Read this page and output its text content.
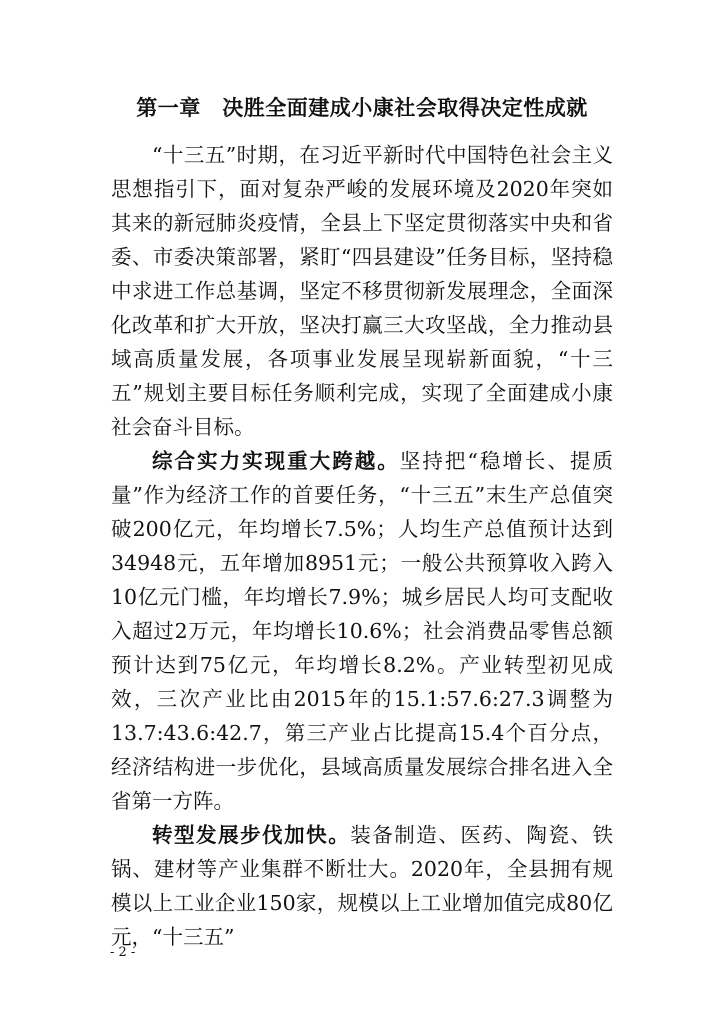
第一章　决胜全面建成小康社会取得决定性成就

“十三五”时期，在习近平新时代中国特色社会主义思想指引下，面对复杂严峻的发展环境及2020年突如其来的新冠肺炎疫情，全县上下坚定贯彻落实中央和省委、市委决策部署，紧盯“四县建设”任务目标，坚持稳中求进工作总基调，坚定不移贯彻新发展理念，全面深化改革和扩大开放，坚决打赢三大攻坚战，全力推动县域高质量发展，各项事业发展呈现崭新面貌，“十三五”规划主要目标任务顺利完成，实现了全面建成小康社会奋斗目标。

综合实力实现重大跨越。坚持把“稳增长、提质量”作为经济工作的首要任务，“十三五”末生产总值突破200亿元，年均增长7.5%；人均生产总值预计达到34948元，五年增加8951元；一般公共预算收入跨入10亿元门槛，年均增长7.9%；城乡居民人均可支配收入超过2万元，年均增长10.6%；社会消费品零售总额预计达到75亿元，年均增长8.2%。产业转型初见成效，三次产业比由2015年的15.1:57.6:27.3调整为13.7:43.6:42.7，第三产业占比提高15.4个百分点，经济结构进一步优化，县域高质量发展综合排名进入全省第一方阵。

转型发展步伐加快。装备制造、医药、陶瓷、铁锅、建材等产业集群不断壮大。2020年，全县拥有规模以上工业企业150家，规模以上工业增加值完成80亿元，“十三五”

- 2 -
